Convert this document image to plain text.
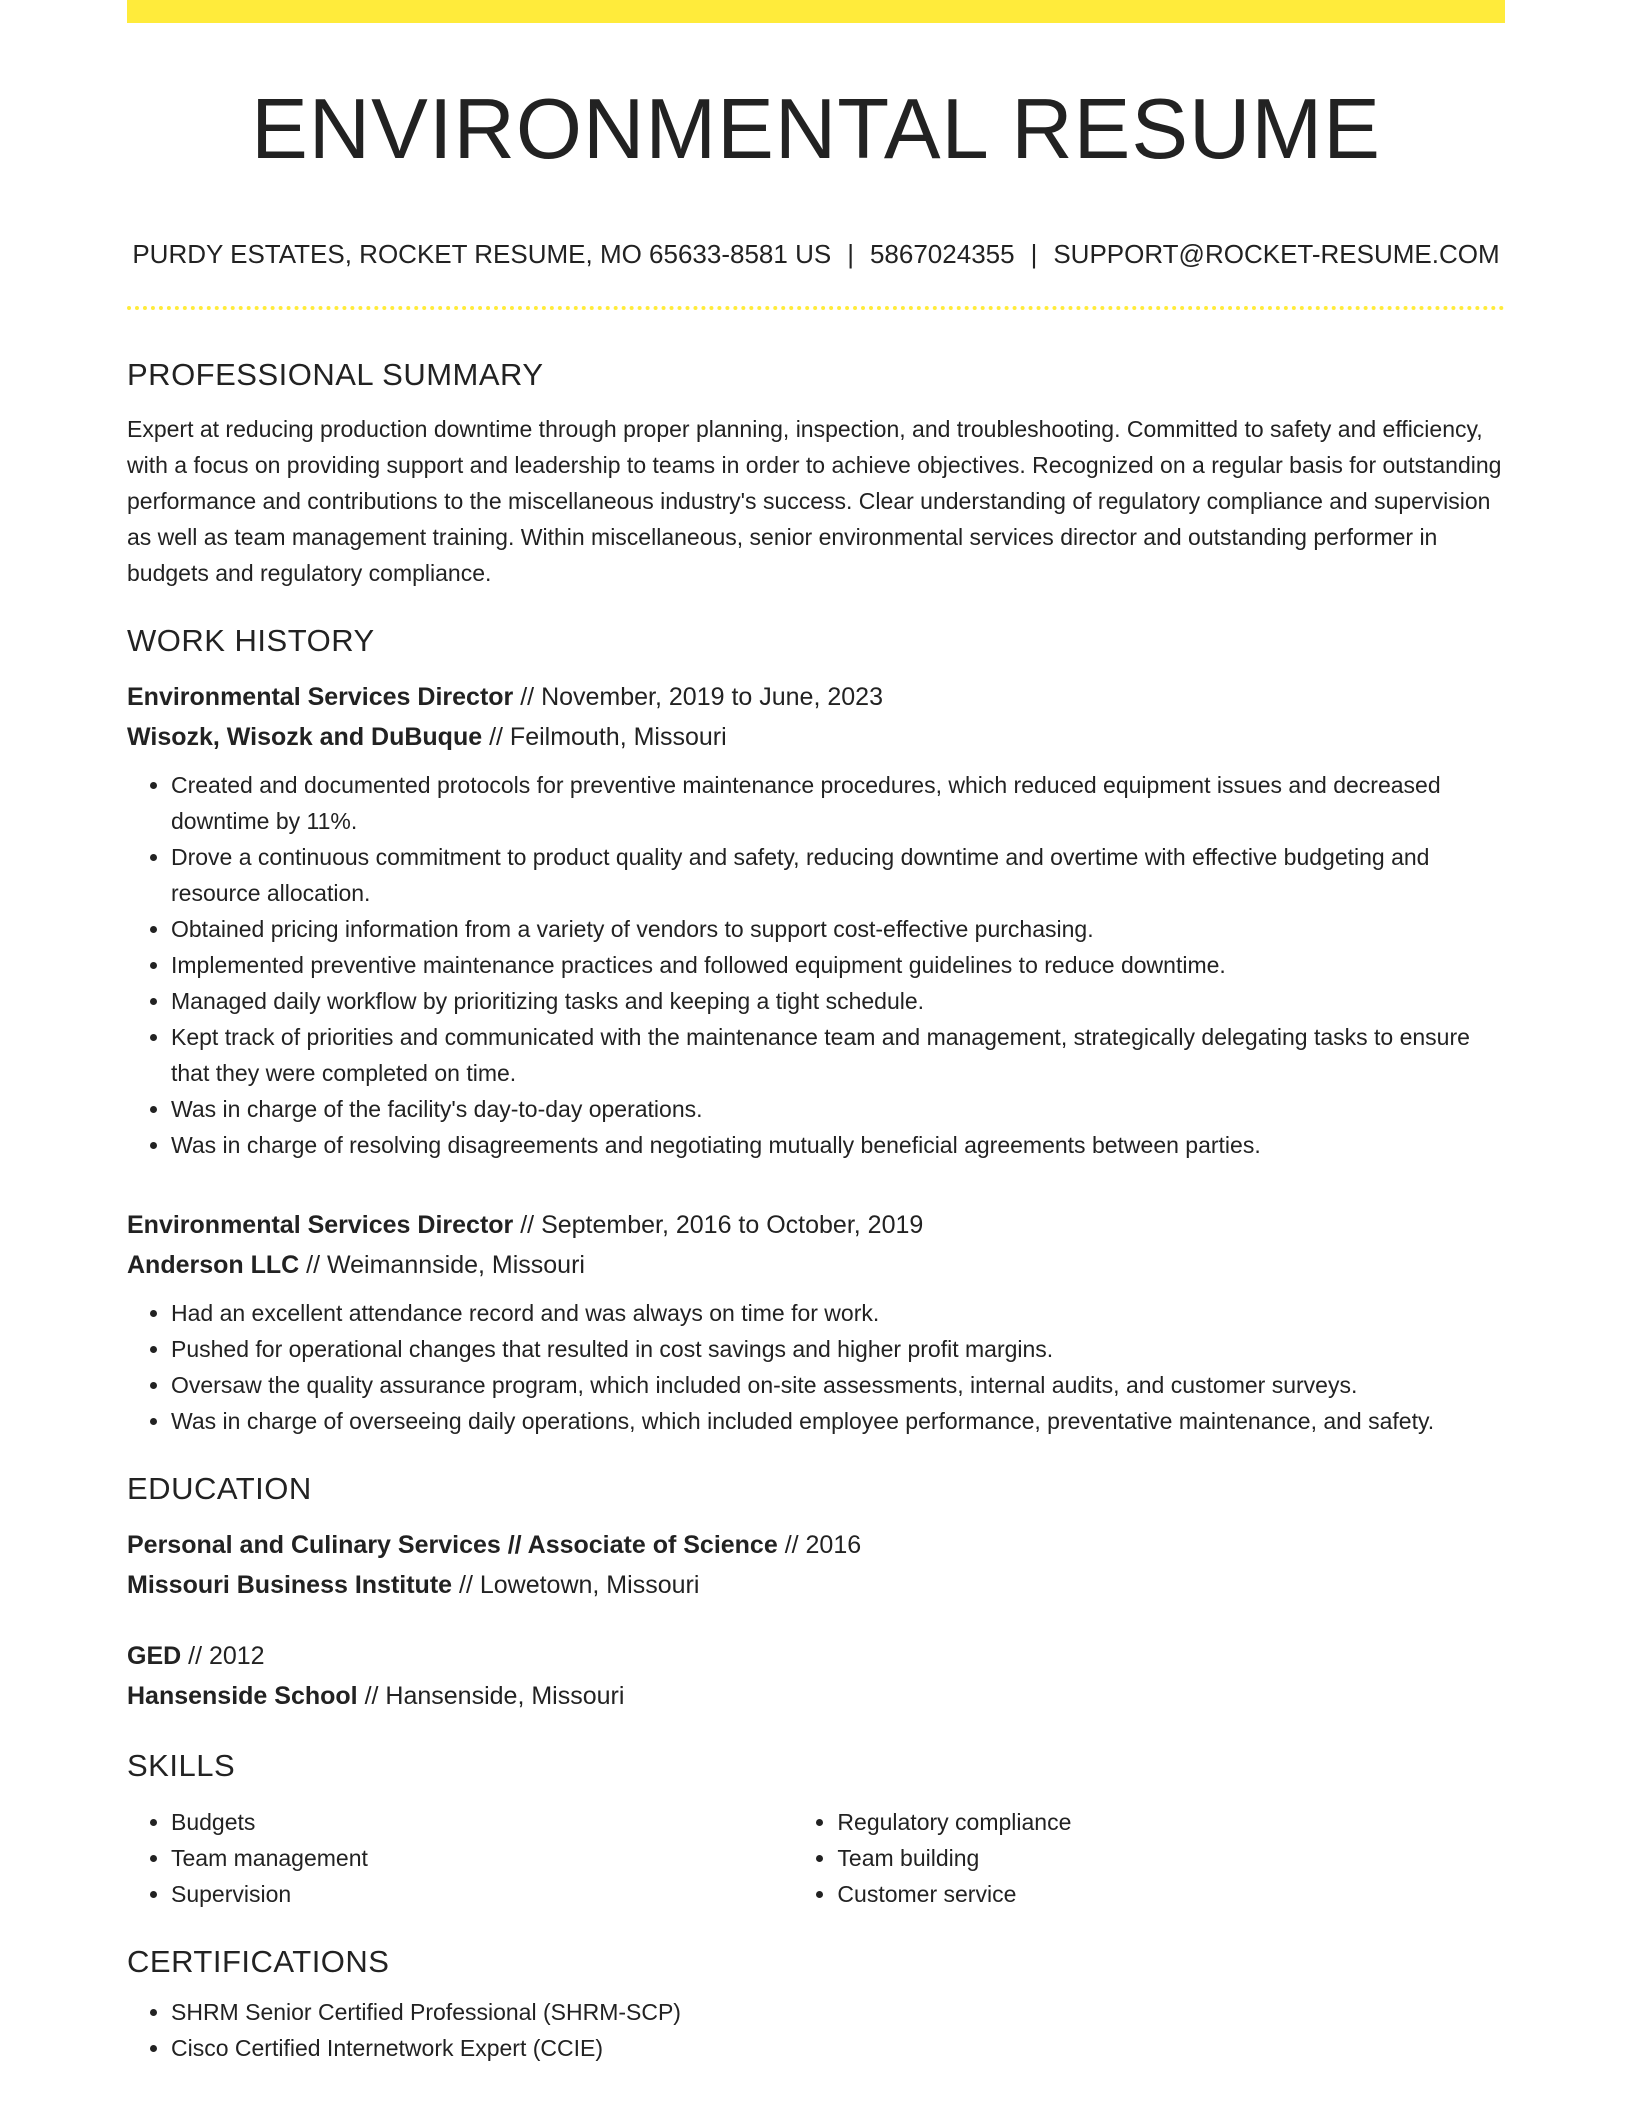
ENVIRONMENTAL RESUME
PURDY ESTATES, ROCKET RESUME, MO 65633-8581 US | 5867024355 | SUPPORT@ROCKET-RESUME.COM
PROFESSIONAL SUMMARY

Expert at reducing production downtime through proper planning, inspection, and troubleshooting. Committed to safety and efficiency, with a focus on providing support and leadership to teams in order to achieve objectives. Recognized on a regular basis for outstanding performance and contributions to the miscellaneous industry's success. Clear understanding of regulatory compliance and supervision as well as team management training. Within miscellaneous, senior environmental services director and outstanding performer in budgets and regulatory compliance.

WORK HISTORY
Environmental Services Director // November, 2019 to June, 2023
Wisozk, Wisozk and DuBuque // Feilmouth, Missouri
• Created and documented protocols for preventive maintenance procedures, which reduced equipment issues and decreased downtime by 11%.
• Drove a continuous commitment to product quality and safety, reducing downtime and overtime with effective budgeting and resource allocation.
• Obtained pricing information from a variety of vendors to support cost-effective purchasing.
• Implemented preventive maintenance practices and followed equipment guidelines to reduce downtime.
• Managed daily workflow by prioritizing tasks and keeping a tight schedule.
• Kept track of priorities and communicated with the maintenance team and management, strategically delegating tasks to ensure that they were completed on time.
• Was in charge of the facility's day-to-day operations.
• Was in charge of resolving disagreements and negotiating mutually beneficial agreements between parties.
Environmental Services Director // September, 2016 to October, 2019
Anderson LLC // Weimannside, Missouri
• Had an excellent attendance record and was always on time for work.
• Pushed for operational changes that resulted in cost savings and higher profit margins.
• Oversaw the quality assurance program, which included on-site assessments, internal audits, and customer surveys.
• Was in charge of overseeing daily operations, which included employee performance, preventative maintenance, and safety.
EDUCATION
Personal and Culinary Services // Associate of Science // 2016
Missouri Business Institute // Lowetown, Missouri
GED // 2012
Hansenside School // Hansenside, Missouri
SKILLS
• Budgets
• Team management
• Supervision
• Regulatory compliance
• Team building
• Customer service
CERTIFICATIONS
• SHRM Senior Certified Professional (SHRM-SCP)
• Cisco Certified Internetwork Expert (CCIE)
